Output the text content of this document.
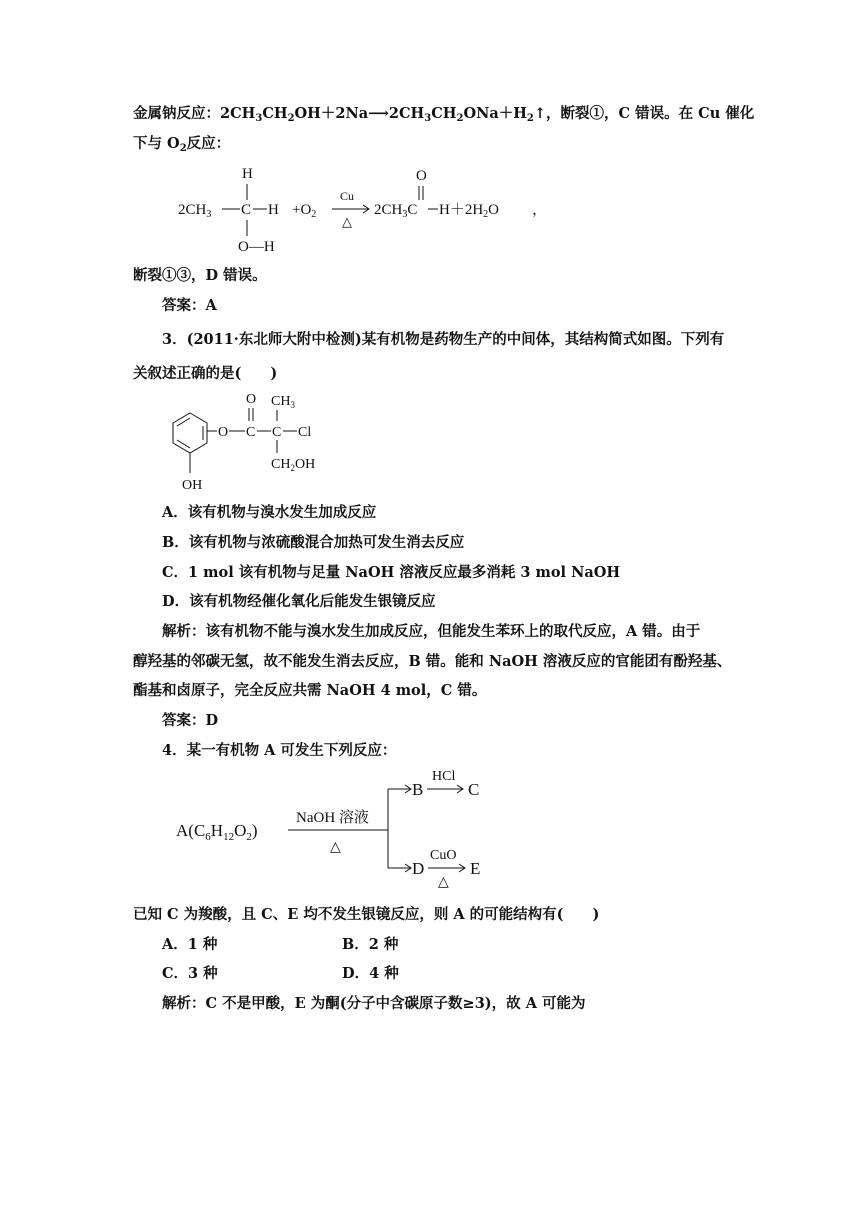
金属钠反应：$2CH_3CH_2OH+2Na⟶2CH_3CH_2ONa+H_2↑$，断裂①，C 错误。在 Cu 催化
下与 $O_2$反应：
H
$2CH_3$ C H
O—H
$+O_2$
Cu
△
O
$2CH_3C$ $H+2H_2O$ ，
断裂①③，D 错误。
答案：A
3．(2011·东北师大附中检测)某有机物是药物生产的中间体，其结构简式如图。下列有
关叙述正确的是(　　)
O C
O
C
$CH_3$
Cl
$CH_2OH$
OH
A．该有机物与溴水发生加成反应
B．该有机物与浓硫酸混合加热可发生消去反应
C．1 mol 该有机物与足量 NaOH 溶液反应最多消耗 3 mol NaOH
D．该有机物经催化氧化后能发生银镜反应
解析：该有机物不能与溴水发生加成反应，但能发生苯环上的取代反应，A 错。由于
醇羟基的邻碳无氢，故不能发生消去反应，B 错。能和 NaOH 溶液反应的官能团有酚羟基、
酯基和卤原子，完全反应共需 NaOH 4 mol，C 错。
答案：D
4．某一有机物 A 可发生下列反应：
$A(C_6H_{12}O_2)$
NaOH 溶液
△
B
HCl
C
D
CuO
△
E
已知 C 为羧酸，且 C、E 均不发生银镜反应，则 A 的可能结构有(　　)
A．1 种	B．2 种
C．3 种	D．4 种
解析：C 不是甲酸，E 为酮(分子中含碳原子数≥3)，故 A 可能为
